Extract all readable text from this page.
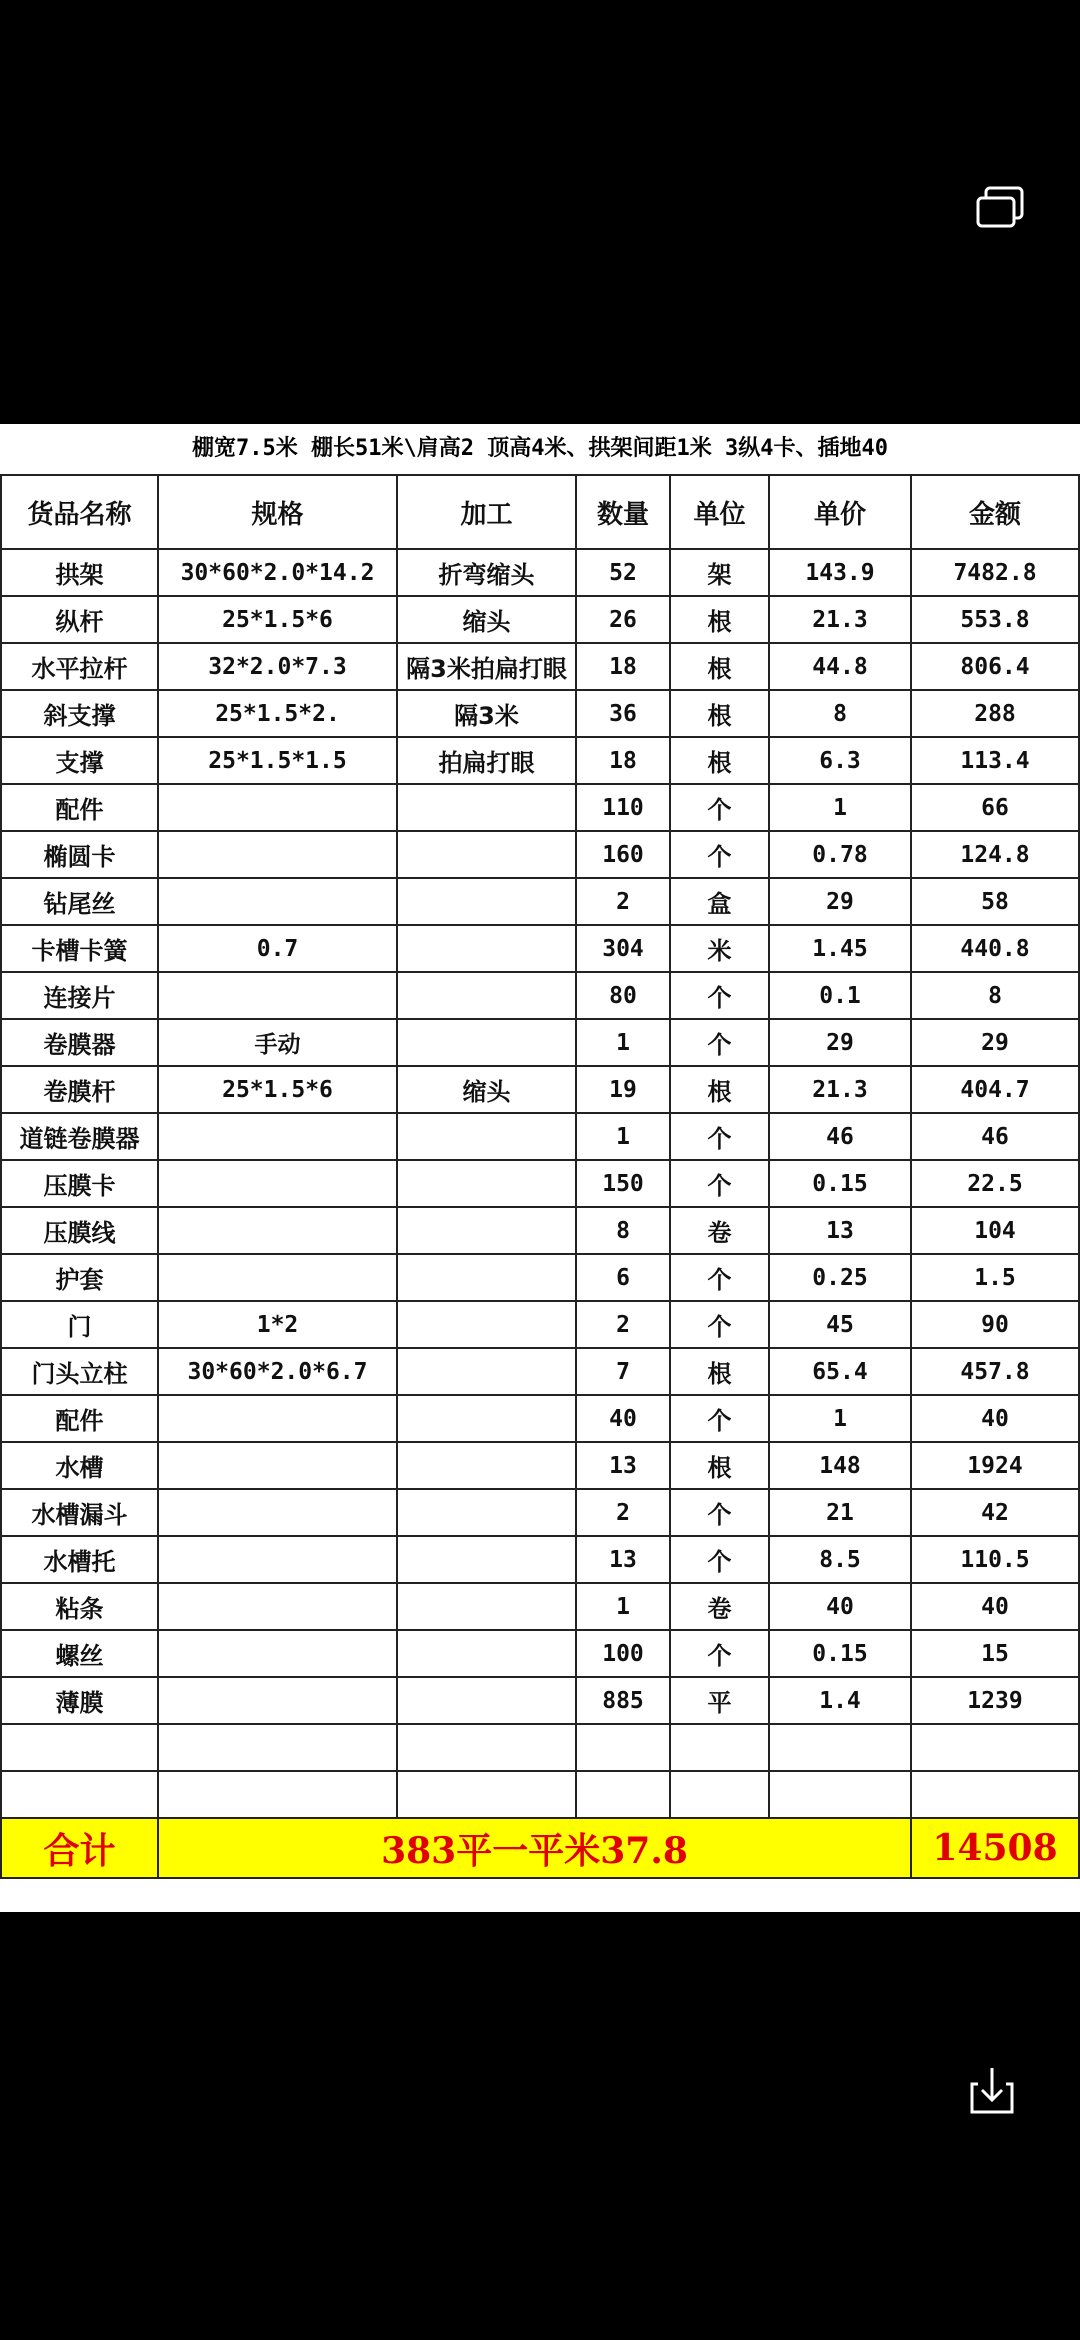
棚宽7.5米 棚长51米\肩高2 顶高4米、拱架间距1米 3纵4卡、插地40
货品名称	规格	加工	数量	单位	单价	金额
拱架	30*60*2.0*14.2	折弯缩头	52	架	143.9	7482.8
纵杆	25*1.5*6	缩头	26	根	21.3	553.8
水平拉杆	32*2.0*7.3	隔3米拍扁打眼	18	根	44.8	806.4
斜支撑	25*1.5*2.	隔3米	36	根	8	288
支撑	25*1.5*1.5	拍扁打眼	18	根	6.3	113.4
配件			110	个	1	66
椭圆卡			160	个	0.78	124.8
钻尾丝			2	盒	29	58
卡槽卡簧	0.7		304	米	1.45	440.8
连接片			80	个	0.1	8
卷膜器	手动		1	个	29	29
卷膜杆	25*1.5*6	缩头	19	根	21.3	404.7
道链卷膜器			1	个	46	46
压膜卡			150	个	0.15	22.5
压膜线			8	卷	13	104
护套			6	个	0.25	1.5
门	1*2		2	个	45	90
门头立柱	30*60*2.0*6.7		7	根	65.4	457.8
配件			40	个	1	40
水槽			13	根	148	1924
水槽漏斗			2	个	21	42
水槽托			13	个	8.5	110.5
粘条			1	卷	40	40
螺丝			100	个	0.15	15
薄膜			885	平	1.4	1239

合计	383平一平米37.8					14508
